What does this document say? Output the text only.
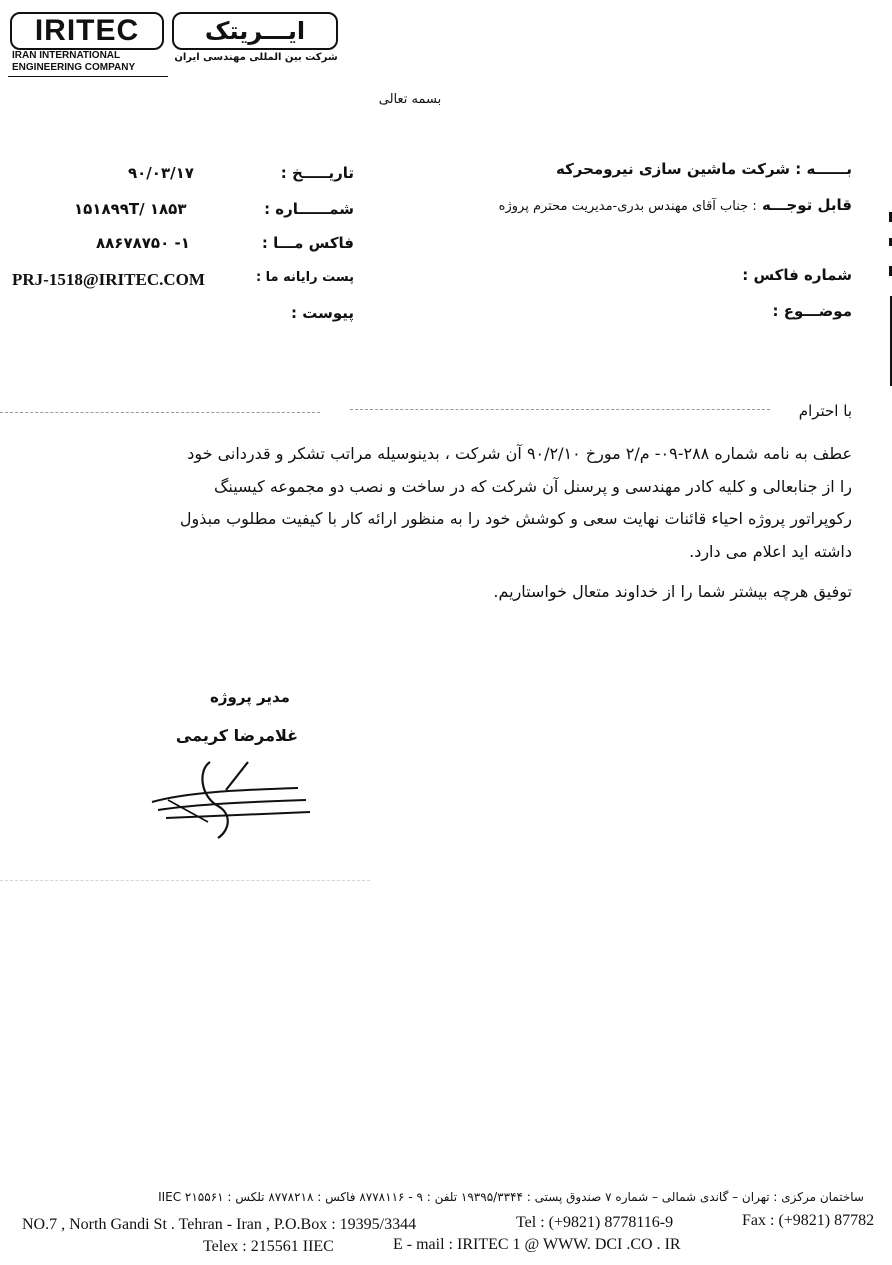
IRITEC	ایـــریتک
IRAN INTERNATIONAL
ENGINEERING COMPANY
شرکت بین المللی مهندسی ایران
بسمه تعالی
بــــــه : شرکت ماشین سازی نیرومحرکه
قابل توجـــه : جناب آقای مهندس بدری-مدیریت محترم پروژه
شماره فاکس :
موضـــوع :
تاریـــــخ :
۹۰/۰۳/۱۷
شمــــــاره :
۱۵۱۸۹۹T/ ۱۸۵۳
فاکس مـــا :
۸۸۶۷۸۷۵۰ -۱
پست رایانه ما :
PRJ-1518@IRITEC.COM
پیوست :
با احترام
عطف به نامه شماره ۲۸۸-۰۹- م/۲ مورخ ۹۰/۲/۱۰ آن شرکت ، بدینوسیله مراتب تشکر و قدردانی خود
را از جنابعالی و کلیه کادر مهندسی و پرسنل آن شرکت که در ساخت و نصب دو مجموعه کیسینگ
رکوپراتور پروژه احیاء قائنات نهایت سعی و کوشش خود را به منظور ارائه کار با کیفیت مطلوب مبذول
داشته اید اعلام می دارد.
توفیق هرچه بیشتر شما را از خداوند متعال خواستاریم.
مدیر پروژه
غلامرضا کریمی
ساختمان مرکزی : تهران – گاندی شمالی – شماره ۷ صندوق پستی : ۱۹۳۹۵/۳۳۴۴ تلفن : ۹ - ۸۷۷۸۱۱۶ فاکس : ۸۷۷۸۲۱۸ تلکس : IIEC ۲۱۵۵۶۱
NO.7 , North Gandi St . Tehran - Iran , P.O.Box : 19395/3344	Tel : (+9821) 8778116-9	Fax : (+9821) 87782
Telex : 215561 IIEC	E - mail : IRITEC 1 @ WWW. DCI .CO . IR
